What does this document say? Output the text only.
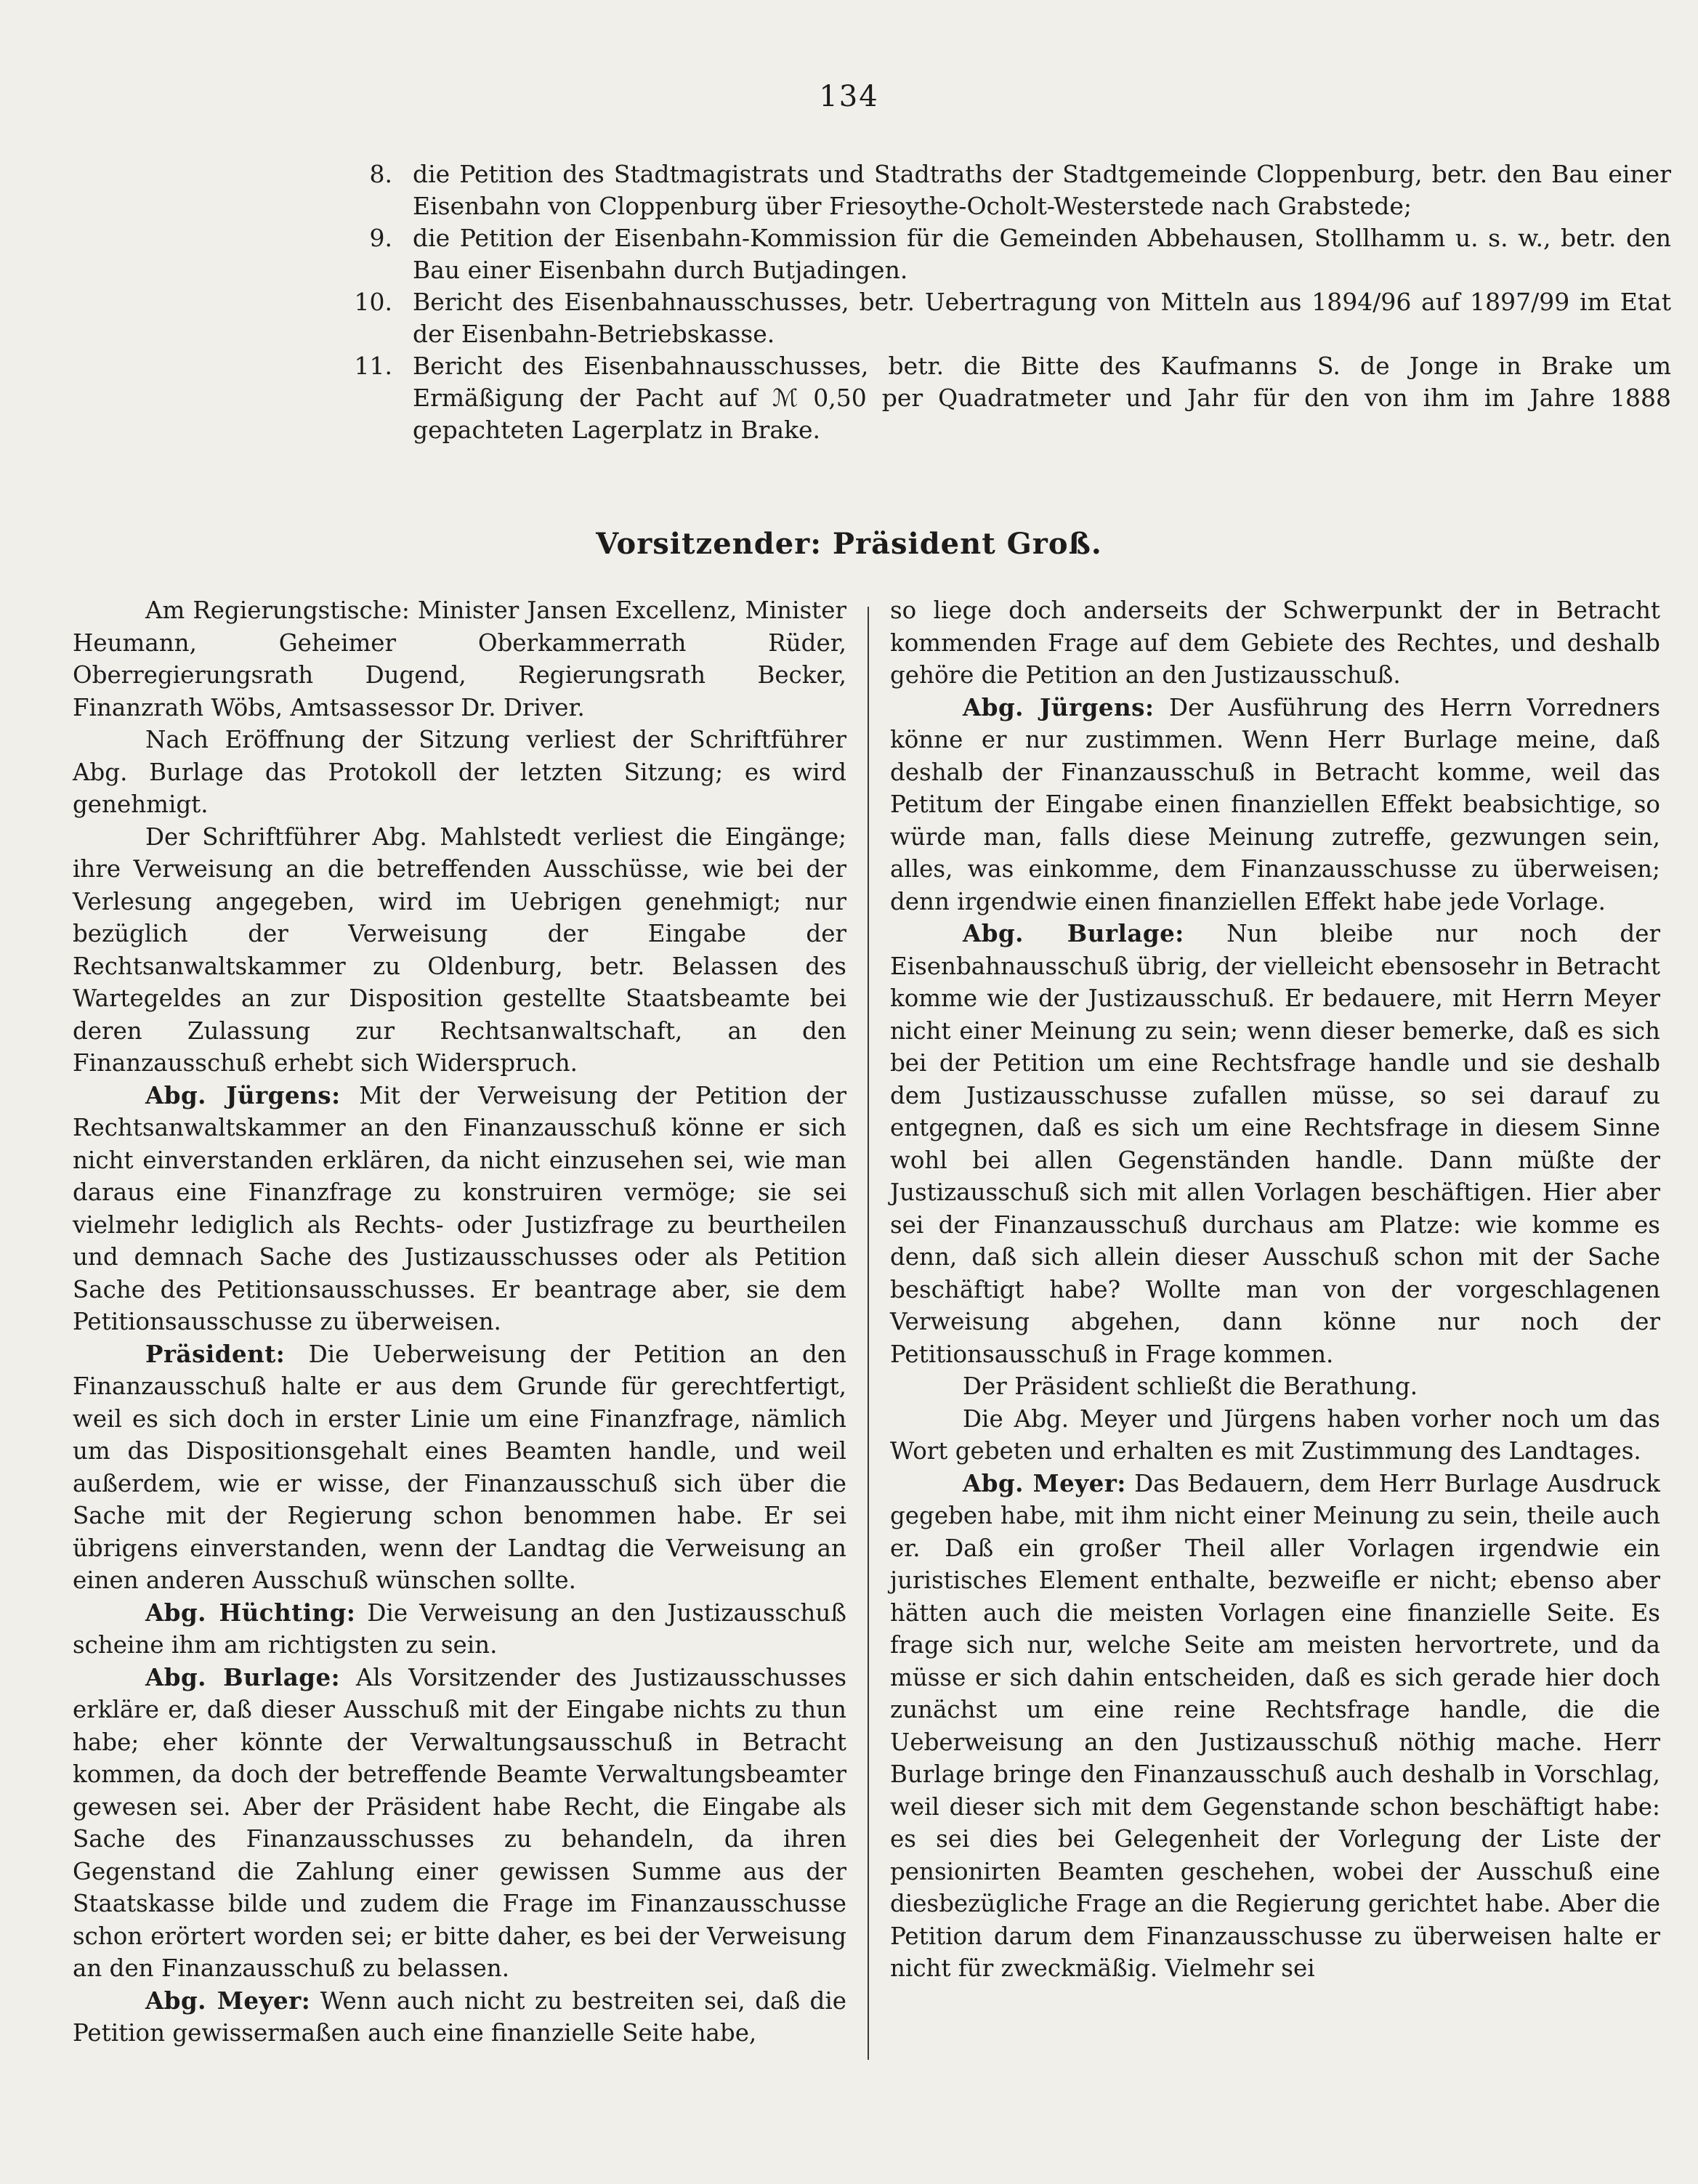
134
8. die Petition des Stadtmagistrats und Stadtraths der Stadtgemeinde Cloppenburg, betr. den Bau einer Eisenbahn von Cloppenburg über Friesoythe-Ocholt-Westerstede nach Grabstede;
9. die Petition der Eisenbahn-Kommission für die Gemeinden Abbehausen, Stollhamm u. s. w., betr. den Bau einer Eisenbahn durch Butjadingen.
10. Bericht des Eisenbahnausschusses, betr. Uebertragung von Mitteln aus 1894/96 auf 1897/99 im Etat der Eisenbahn-Betriebskasse.
11. Bericht des Eisenbahnausschusses, betr. die Bitte des Kaufmanns S. de Jonge in Brake um Ermäßigung der Pacht auf ℳ 0,50 per Quadratmeter und Jahr für den von ihm im Jahre 1888 gepachteten Lagerplatz in Brake.
Vorsitzender: Präsident Groß.

Am Regierungstische: Minister Jansen Excellenz, Minister Heumann, Geheimer Oberkammerrath Rüder, Oberregierungsrath Dugend, Regierungsrath Becker, Finanzrath Wöbs, Amtsassessor Dr. Driver.

Nach Eröffnung der Sitzung verliest der Schriftführer Abg. Burlage das Protokoll der letzten Sitzung; es wird genehmigt.

Der Schriftführer Abg. Mahlstedt verliest die Eingänge; ihre Verweisung an die betreffenden Ausschüsse, wie bei der Verlesung angegeben, wird im Uebrigen genehmigt; nur bezüglich der Verweisung der Eingabe der Rechtsanwaltskammer zu Oldenburg, betr. Belassen des Wartegeldes an zur Disposition gestellte Staatsbeamte bei deren Zulassung zur Rechtsanwaltschaft, an den Finanzausschuß erhebt sich Widerspruch.

Abg. Jürgens: Mit der Verweisung der Petition der Rechtsanwaltskammer an den Finanzausschuß könne er sich nicht einverstanden erklären, da nicht einzusehen sei, wie man daraus eine Finanzfrage zu konstruiren vermöge; sie sei vielmehr lediglich als Rechts- oder Justizfrage zu beurtheilen und demnach Sache des Justizausschusses oder als Petition Sache des Petitionsausschusses. Er beantrage aber, sie dem Petitionsausschusse zu überweisen.

Präsident: Die Ueberweisung der Petition an den Finanzausschuß halte er aus dem Grunde für gerechtfertigt, weil es sich doch in erster Linie um eine Finanzfrage, nämlich um das Dispositionsgehalt eines Beamten handle, und weil außerdem, wie er wisse, der Finanzausschuß sich über die Sache mit der Regierung schon benommen habe. Er sei übrigens einverstanden, wenn der Landtag die Verweisung an einen anderen Ausschuß wünschen sollte.

Abg. Hüchting: Die Verweisung an den Justizausschuß scheine ihm am richtigsten zu sein.

Abg. Burlage: Als Vorsitzender des Justizausschusses erkläre er, daß dieser Ausschuß mit der Eingabe nichts zu thun habe; eher könnte der Verwaltungsausschuß in Betracht kommen, da doch der betreffende Beamte Verwaltungsbeamter gewesen sei. Aber der Präsident habe Recht, die Eingabe als Sache des Finanzausschusses zu behandeln, da ihren Gegenstand die Zahlung einer gewissen Summe aus der Staatskasse bilde und zudem die Frage im Finanzausschusse schon erörtert worden sei; er bitte daher, es bei der Verweisung an den Finanzausschuß zu belassen.

Abg. Meyer: Wenn auch nicht zu bestreiten sei, daß die Petition gewissermaßen auch eine finanzielle Seite habe,

so liege doch anderseits der Schwerpunkt der in Betracht kommenden Frage auf dem Gebiete des Rechtes, und deshalb gehöre die Petition an den Justizausschuß.

Abg. Jürgens: Der Ausführung des Herrn Vorredners könne er nur zustimmen. Wenn Herr Burlage meine, daß deshalb der Finanzausschuß in Betracht komme, weil das Petitum der Eingabe einen finanziellen Effekt beabsichtige, so würde man, falls diese Meinung zutreffe, gezwungen sein, alles, was einkomme, dem Finanzausschusse zu überweisen; denn irgendwie einen finanziellen Effekt habe jede Vorlage.

Abg. Burlage: Nun bleibe nur noch der Eisenbahnausschuß übrig, der vielleicht ebensosehr in Betracht komme wie der Justizausschuß. Er bedauere, mit Herrn Meyer nicht einer Meinung zu sein; wenn dieser bemerke, daß es sich bei der Petition um eine Rechtsfrage handle und sie deshalb dem Justizausschusse zufallen müsse, so sei darauf zu entgegnen, daß es sich um eine Rechtsfrage in diesem Sinne wohl bei allen Gegenständen handle. Dann müßte der Justizausschuß sich mit allen Vorlagen beschäftigen. Hier aber sei der Finanzausschuß durchaus am Platze: wie komme es denn, daß sich allein dieser Ausschuß schon mit der Sache beschäftigt habe? Wollte man von der vorgeschlagenen Verweisung abgehen, dann könne nur noch der Petitionsausschuß in Frage kommen.

Der Präsident schließt die Berathung.

Die Abg. Meyer und Jürgens haben vorher noch um das Wort gebeten und erhalten es mit Zustimmung des Landtages.

Abg. Meyer: Das Bedauern, dem Herr Burlage Ausdruck gegeben habe, mit ihm nicht einer Meinung zu sein, theile auch er. Daß ein großer Theil aller Vorlagen irgendwie ein juristisches Element enthalte, bezweifle er nicht; ebenso aber hätten auch die meisten Vorlagen eine finanzielle Seite. Es frage sich nur, welche Seite am meisten hervortrete, und da müsse er sich dahin entscheiden, daß es sich gerade hier doch zunächst um eine reine Rechtsfrage handle, die die Ueberweisung an den Justizausschuß nöthig mache. Herr Burlage bringe den Finanzausschuß auch deshalb in Vorschlag, weil dieser sich mit dem Gegenstande schon beschäftigt habe: es sei dies bei Gelegenheit der Vorlegung der Liste der pensionirten Beamten geschehen, wobei der Ausschuß eine diesbezügliche Frage an die Regierung gerichtet habe. Aber die Petition darum dem Finanzausschusse zu überweisen halte er nicht für zweckmäßig. Vielmehr sei
